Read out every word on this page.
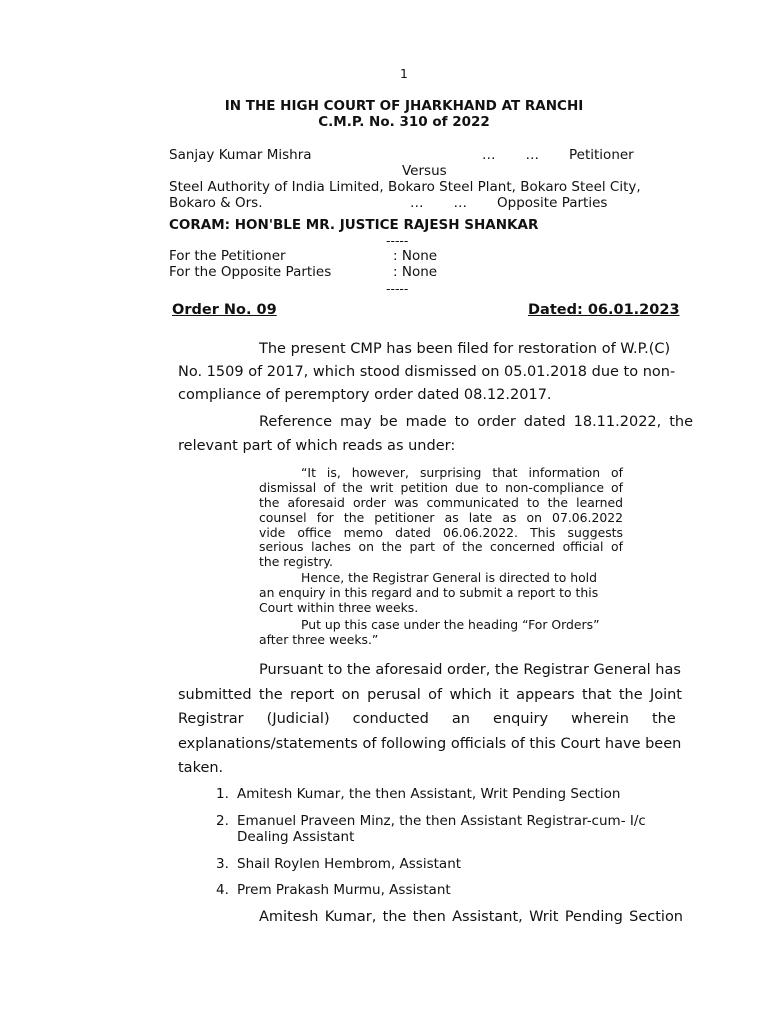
1
IN THE HIGH COURT OF JHARKHAND AT RANCHI
C.M.P. No. 310 of 2022
Sanjay Kumar Mishra	…       … Petitioner
Versus
Steel Authority of India Limited, Bokaro Steel Plant, Bokaro Steel City,
Bokaro & Ors.	…       … Opposite Parties
CORAM: HON'BLE MR. JUSTICE RAJESH SHANKAR
-----
For the Petitioner	: None
For the Opposite Parties	: None
-----
Order No. 09	Dated: 06.01.2023
The present CMP has been filed for restoration of W.P.(C)
No. 1509 of 2017, which stood dismissed on 05.01.2018 due to non-
compliance of peremptory order dated 08.12.2017.
Reference may be made to order dated 18.11.2022, the
relevant part of which reads as under:
“It is, however, surprising that information of
dismissal of the writ petition due to non-compliance of
the aforesaid order was communicated to the learned
counsel for the petitioner as late as on 07.06.2022
vide office memo dated 06.06.2022. This suggests
serious laches on the part of the concerned official of
the registry.
Hence, the Registrar General is directed to hold
an enquiry in this regard and to submit a report to this
Court within three weeks.
Put up this case under the heading “For Orders”
after three weeks.”
Pursuant to the aforesaid order, the Registrar General has
submitted the report on perusal of which it appears that the Joint
Registrar     (Judicial)     conducted     an     enquiry     wherein     the
explanations/statements of following officials of this Court have been
taken.
1. Amitesh Kumar, the then Assistant, Writ Pending Section
2. Emanuel Praveen Minz, the then Assistant Registrar-cum- I/c
Dealing Assistant
3. Shail Roylen Hembrom, Assistant
4. Prem Prakash Murmu, Assistant
Amitesh Kumar, the then Assistant, Writ Pending Section
